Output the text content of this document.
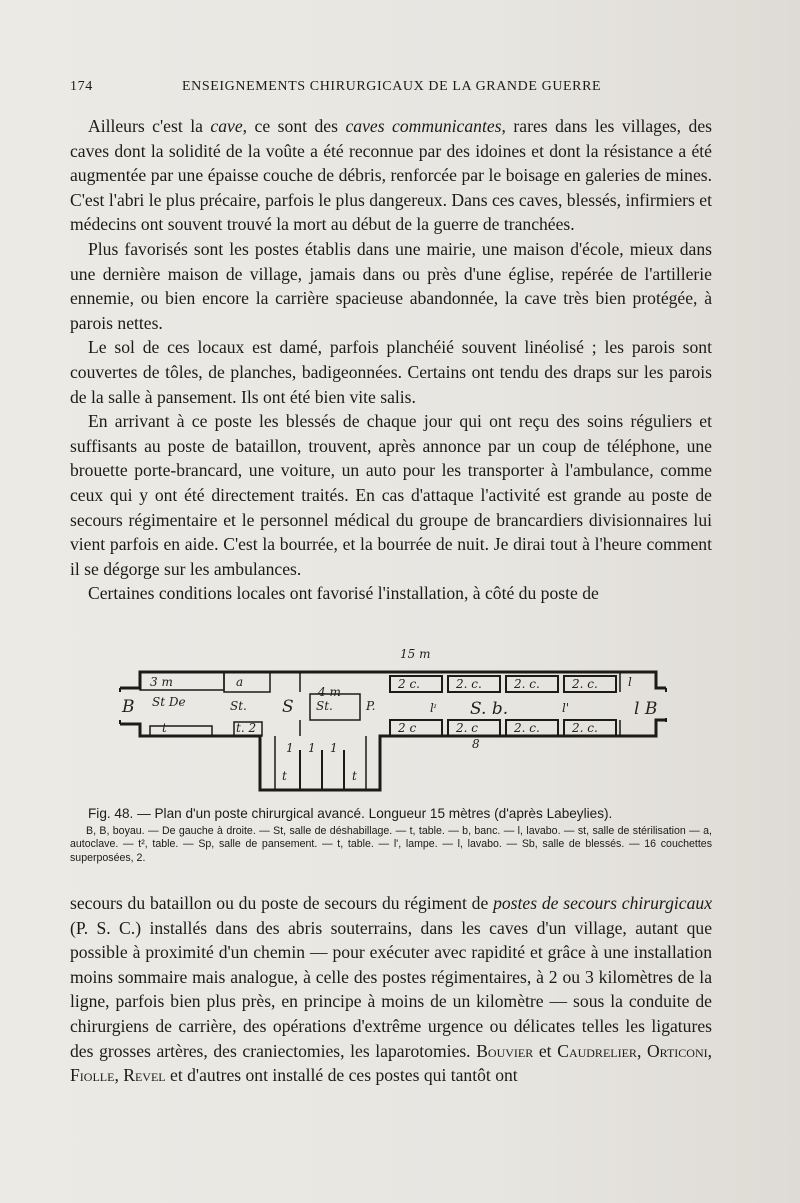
174	ENSEIGNEMENTS CHIRURGICAUX DE LA GRANDE GUERRE

Ailleurs c'est la cave, ce sont des caves communicantes, rares dans les villages, des caves dont la solidité de la voûte a été reconnue par des idoines et dont la résistance a été augmentée par une épaisse couche de débris, renforcée par le boisage en galeries de mines. C'est l'abri le plus précaire, parfois le plus dangereux. Dans ces caves, blessés, infirmiers et médecins ont souvent trouvé la mort au début de la guerre de tranchées.

Plus favorisés sont les postes établis dans une mairie, une maison d'école, mieux dans une dernière maison de village, jamais dans ou près d'une église, repérée de l'artillerie ennemie, ou bien encore la carrière spacieuse abandonnée, la cave très bien protégée, à parois nettes.

Le sol de ces locaux est damé, parfois planchéié souvent linéolisé ; les parois sont couvertes de tôles, de planches, badigeonnées. Certains ont tendu des draps sur les parois de la salle à pansement. Ils ont été bien vite salis.

En arrivant à ce poste les blessés de chaque jour qui ont reçu des soins réguliers et suffisants au poste de bataillon, trouvent, après annonce par un coup de téléphone, une brouette porte-brancard, une voiture, un auto pour les transporter à l'ambulance, comme ceux qui y ont été directement traités. En cas d'attaque l'activité est grande au poste de secours régimentaire et le personnel médical du groupe de brancardiers divisionnaires lui vient parfois en aide. C'est la bourrée, et la bourrée de nuit. Je dirai tout à l'heure comment il se dégorge sur les ambulances.

Certaines conditions locales ont favorisé l'installation, à côté du poste de

15 m
3 m	a
4 m
B St De	St. S St.	P.
t	t. 2
lᶦ S. b.	l'	l B
l
8
2 c.	2. c.	2. c.	2. c.
2 c	2. c	2. c.	2. c.
1 1 1
t	t

Fig. 48. — Plan d'un poste chirurgical avancé. Longueur 15 mètres (d'après Labeylies).

B, B, boyau. — De gauche à droite. — St, salle de déshabillage. — t, table. — b, banc. — l, lavabo. — st, salle de stérilisation — a, autoclave. — t², table. — Sp, salle de pansement. — t, table. — l', lampe. — l, lavabo. — Sb, salle de blessés. — 16 couchettes superposées, 2.

secours du bataillon ou du poste de secours du régiment de postes de secours chirurgicaux (P. S. C.) installés dans des abris souterrains, dans les caves d'un village, autant que possible à proximité d'un chemin — pour exécuter avec rapidité et grâce à une installation moins sommaire mais analogue, à celle des postes régimentaires, à 2 ou 3 kilomètres de la ligne, parfois bien plus près, en principe à moins de un kilomètre — sous la conduite de chirurgiens de carrière, des opérations d'extrême urgence ou délicates telles les ligatures des grosses artères, des craniectomies, les laparotomies. Bouvier et Caudrelier, Orticoni, Fiolle, Revel et d'autres ont installé de ces postes qui tantôt ont
